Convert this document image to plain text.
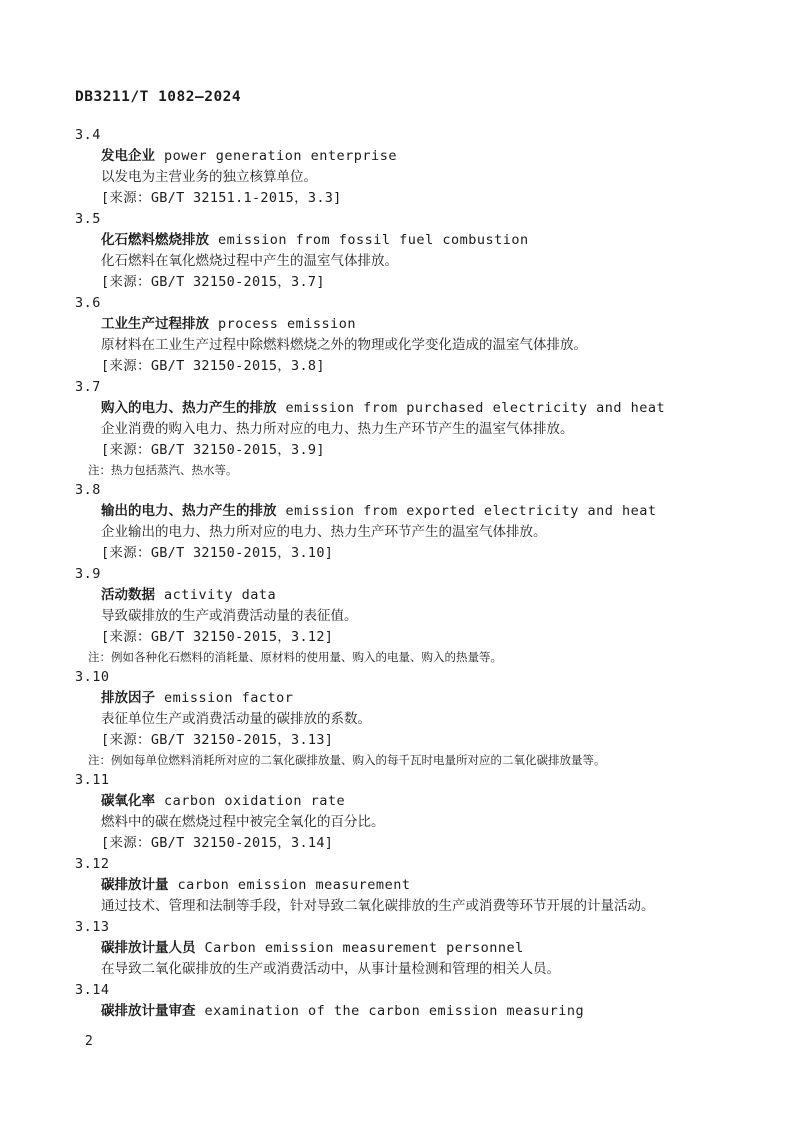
DB3211/T 1082—2024
3.4
发电企业 power generation enterprise
以发电为主营业务的独立核算单位。
[来源：GB/T 32151.1-2015，3.3]
3.5
化石燃料燃烧排放 emission from fossil fuel combustion
化石燃料在氧化燃烧过程中产生的温室气体排放。
[来源：GB/T 32150-2015，3.7]
3.6
工业生产过程排放 process emission
原材料在工业生产过程中除燃料燃烧之外的物理或化学变化造成的温室气体排放。
[来源：GB/T 32150-2015，3.8]
3.7
购入的电力、热力产生的排放 emission from purchased electricity and heat
企业消费的购入电力、热力所对应的电力、热力生产环节产生的温室气体排放。
[来源：GB/T 32150-2015，3.9]
注：热力包括蒸汽、热水等。
3.8
输出的电力、热力产生的排放 emission from exported electricity and heat
企业输出的电力、热力所对应的电力、热力生产环节产生的温室气体排放。
[来源：GB/T 32150-2015，3.10]
3.9
活动数据 activity data
导致碳排放的生产或消费活动量的表征值。
[来源：GB/T 32150-2015，3.12]
注：例如各种化石燃料的消耗量、原材料的使用量、购入的电量、购入的热量等。
3.10
排放因子 emission factor
表征单位生产或消费活动量的碳排放的系数。
[来源：GB/T 32150-2015，3.13]
注：例如每单位燃料消耗所对应的二氧化碳排放量、购入的每千瓦时电量所对应的二氧化碳排放量等。
3.11
碳氧化率 carbon oxidation rate
燃料中的碳在燃烧过程中被完全氧化的百分比。
[来源：GB/T 32150-2015，3.14]
3.12
碳排放计量 carbon emission measurement
通过技术、管理和法制等手段，针对导致二氧化碳排放的生产或消费等环节开展的计量活动。
3.13
碳排放计量人员 Carbon emission measurement personnel
在导致二氧化碳排放的生产或消费活动中，从事计量检测和管理的相关人员。
3.14
碳排放计量审查 examination of the carbon emission measuring
2
